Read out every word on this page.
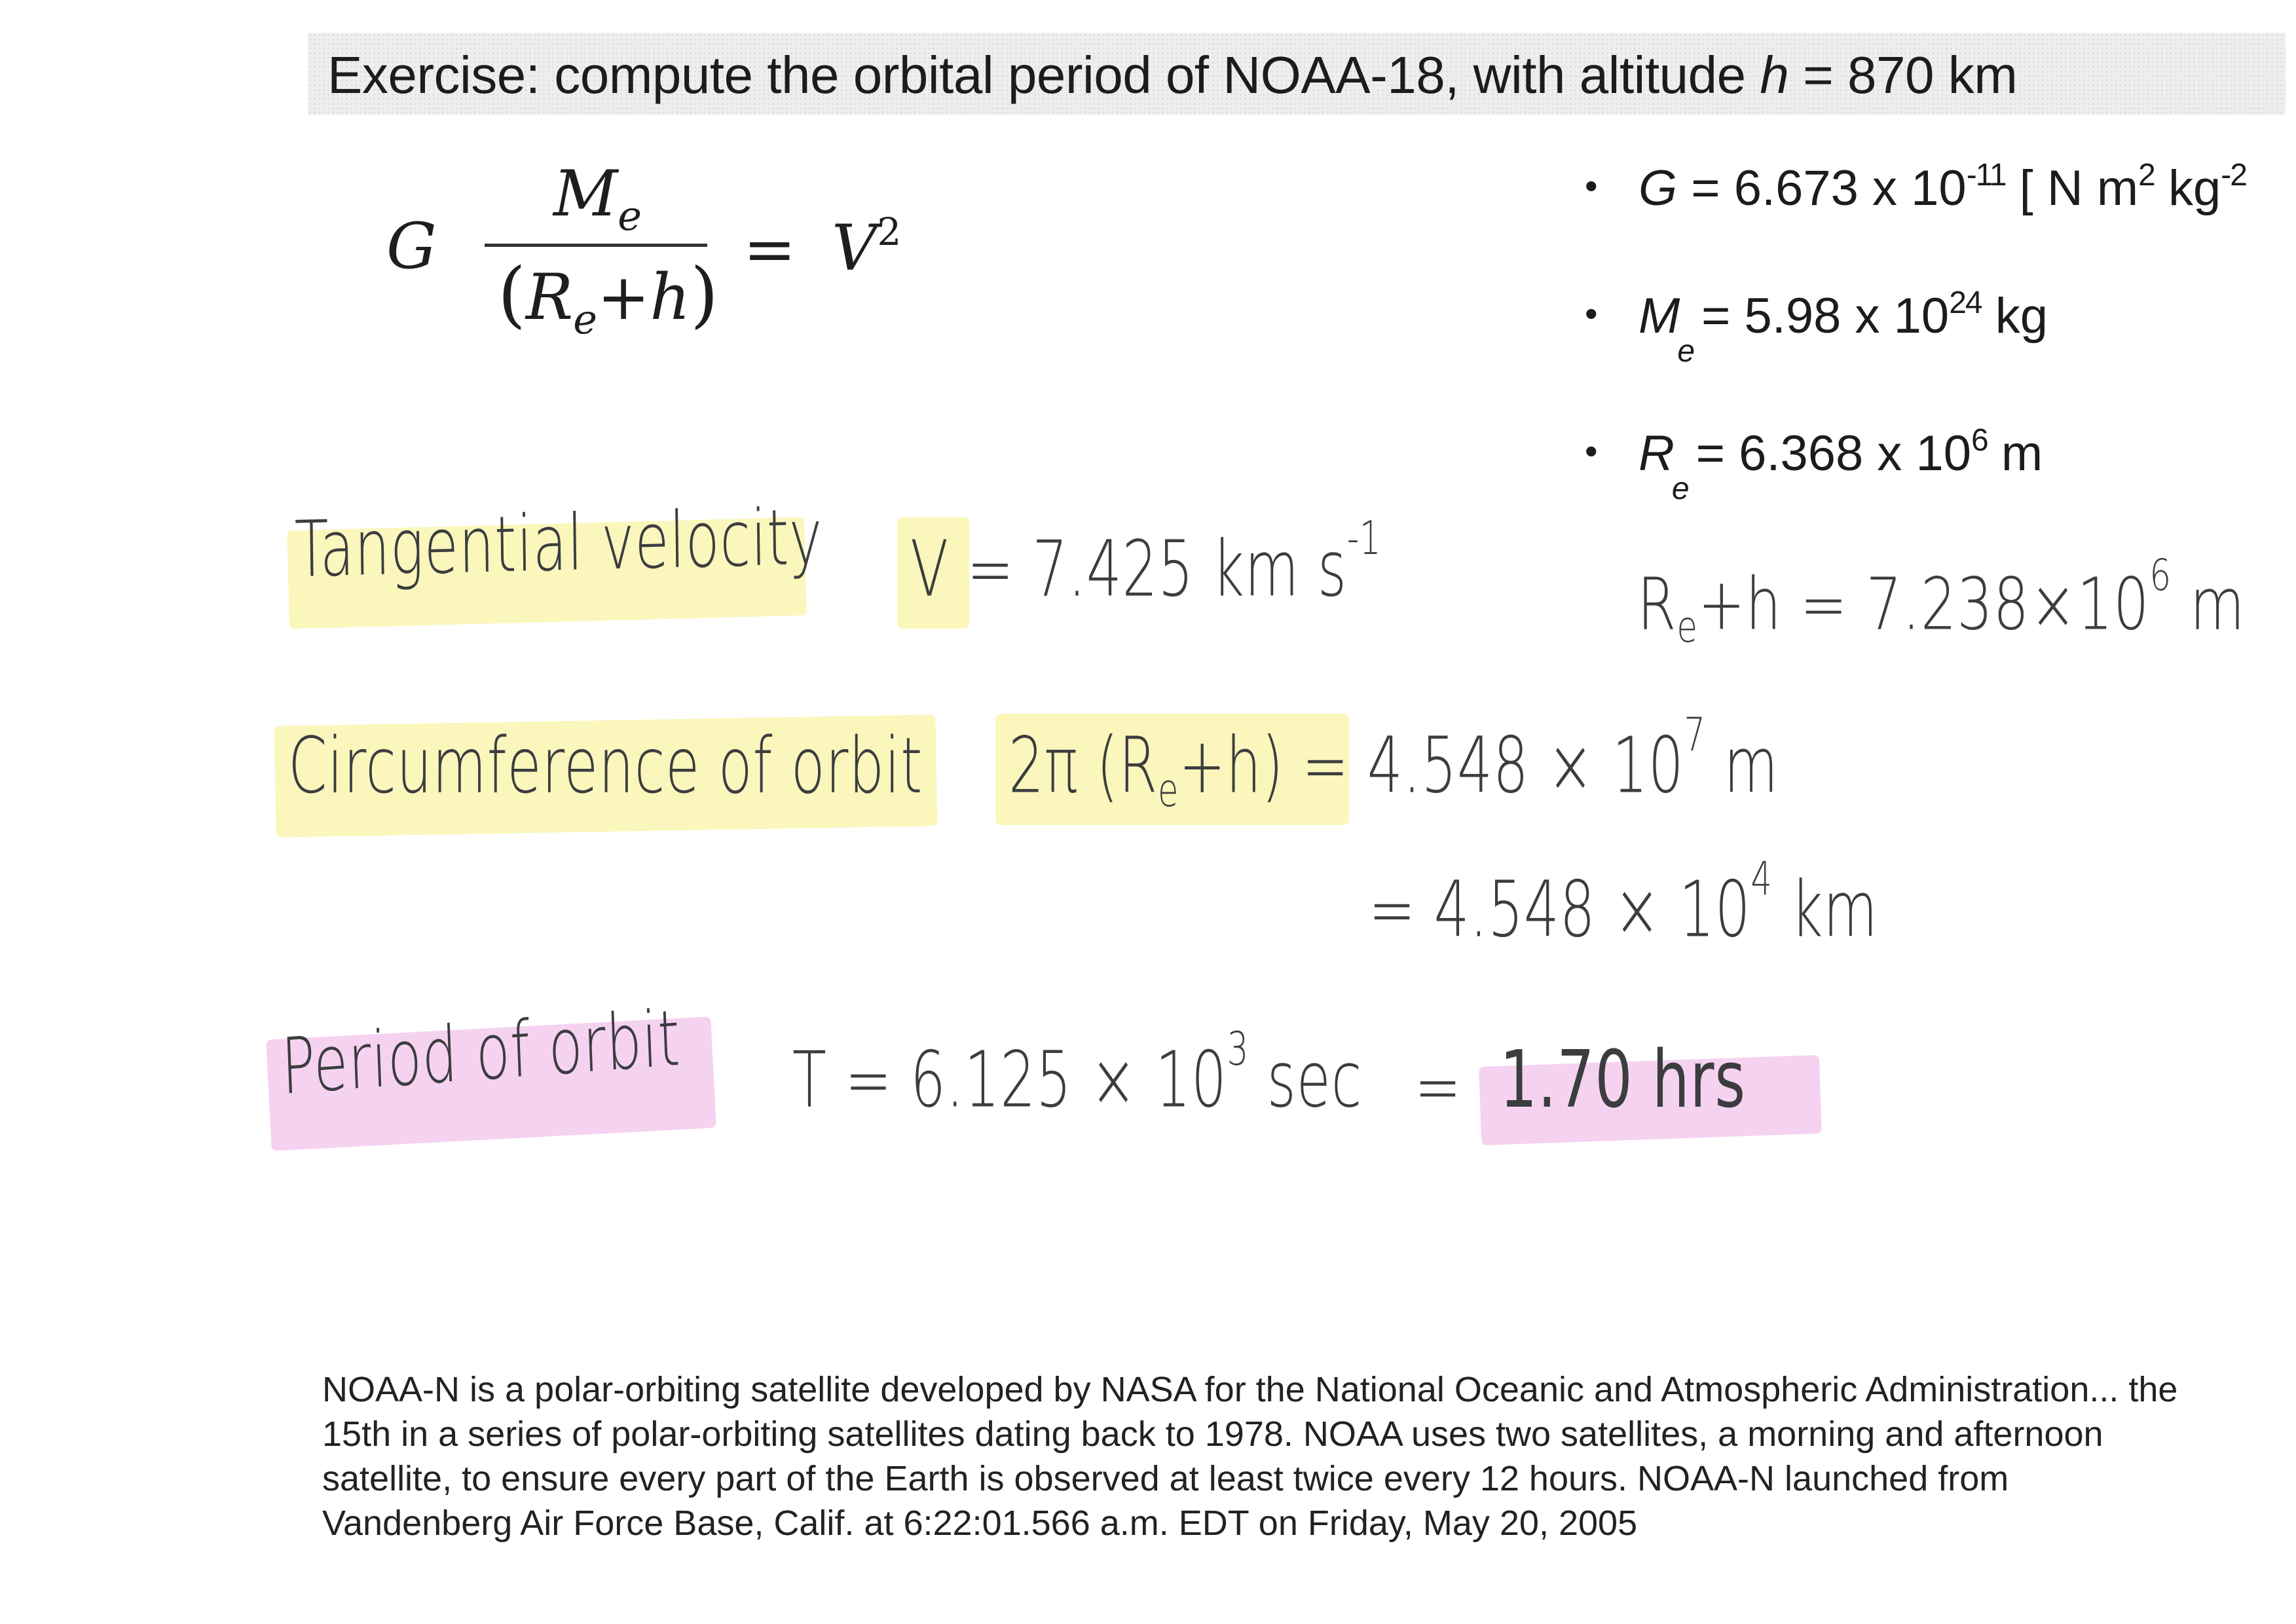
Exercise: compute the orbital period of NOAA-18, with altitude h = 870 km
G
$M_e$
$(R_e+h)$
= $V^2$
• G = 6.673 x $10^{-11}$ [ N $m^2$ $kg^{-2}$
• $M_e= 5.98$ x $10^{24}$ kg
• $R_e= 6.368$ x $10^6$ m
Tangential velocity V = 7.425 km $s^{-1}$
$R_e+h = 7.238\times 10^6$ m
Circumference of orbit 2π $(R_e+h) = 4.548 \times 10^7$ m
= $4.548 \times 10^4$ km
Period of orbit $T = 6.125 \times 10^3$ sec = 1.70 hrs
NOAA-N is a polar-orbiting satellite developed by NASA for the National Oceanic and Atmospheric Administration... the
15th in a series of polar-orbiting satellites dating back to 1978. NOAA uses two satellites, a morning and afternoon
satellite, to ensure every part of the Earth is observed at least twice every 12 hours. NOAA-N launched from
Vandenberg Air Force Base, Calif. at 6:22:01.566 a.m. EDT on Friday, May 20, 2005
